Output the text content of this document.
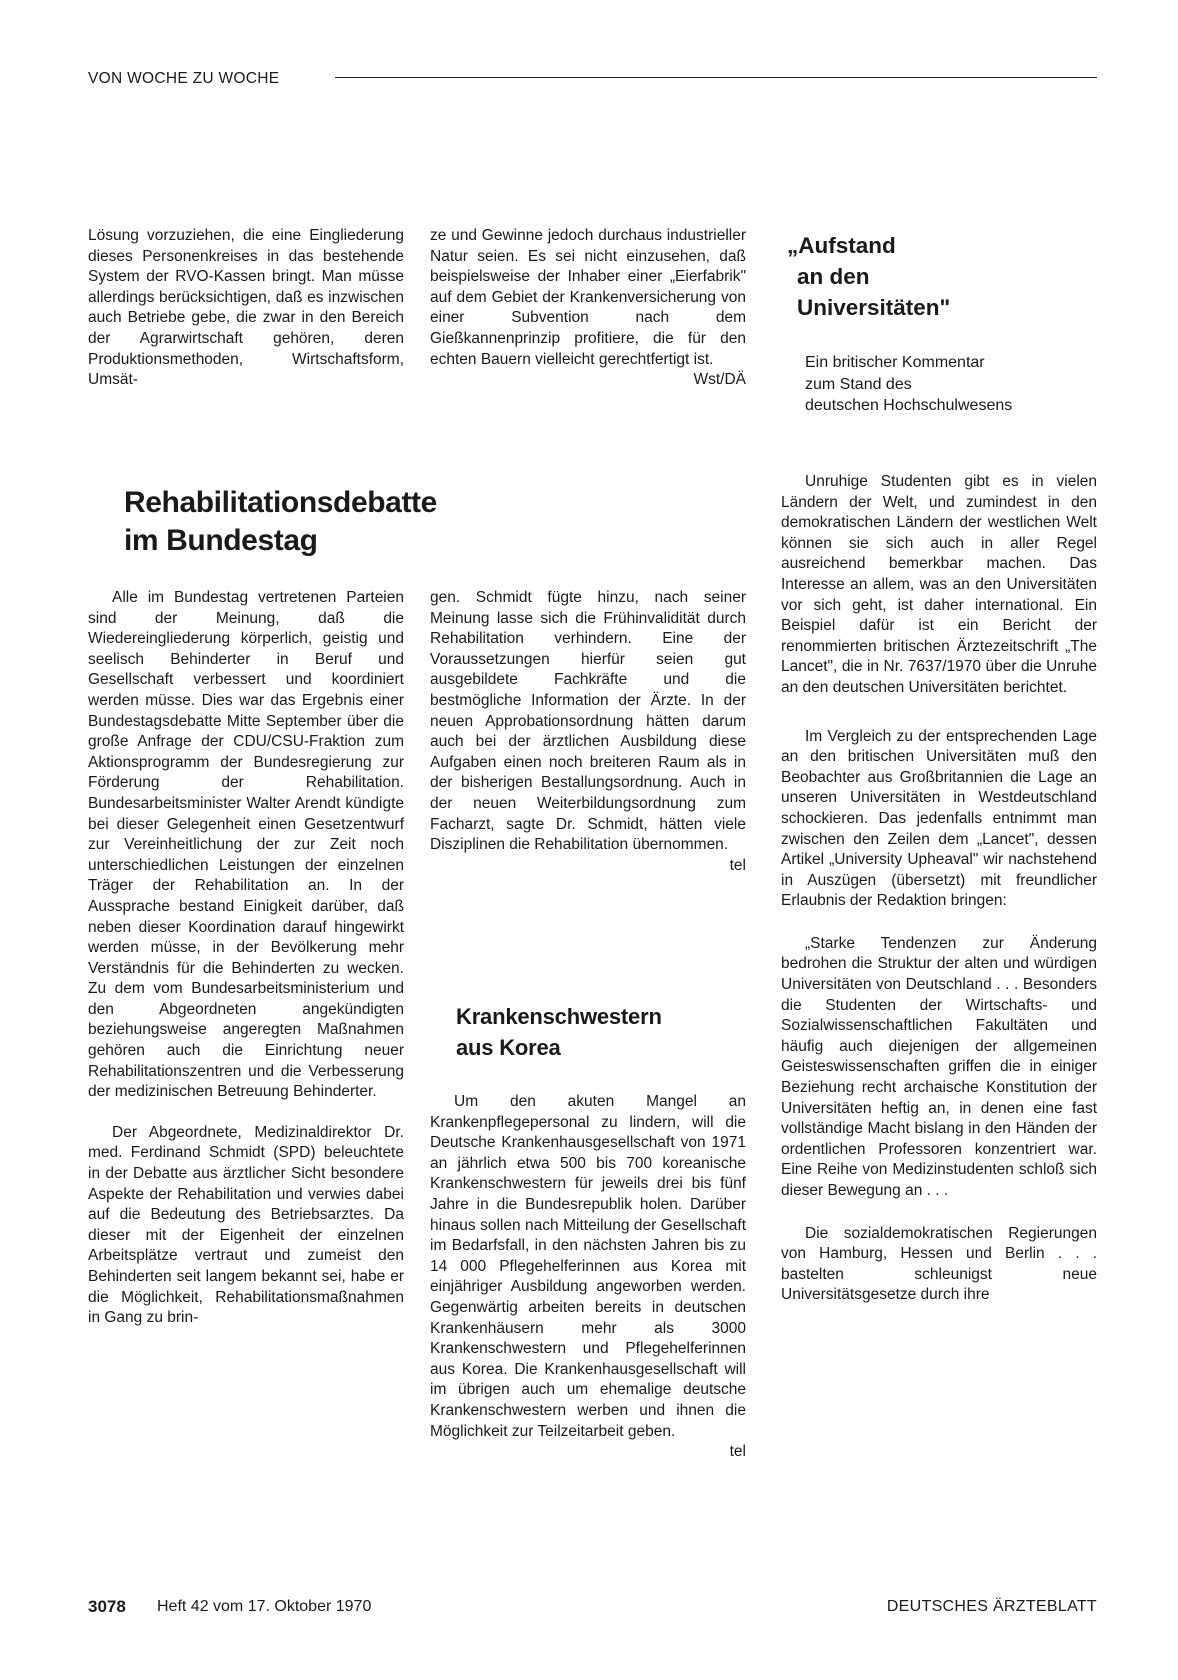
VON WOCHE ZU WOCHE

Lösung vorzuziehen, die eine Eingliederung dieses Personenkreises in das bestehende System der RVO-Kassen bringt. Man müsse allerdings berücksichtigen, daß es inzwischen auch Betriebe gebe, die zwar in den Bereich der Agrarwirtschaft gehören, deren Produktionsmethoden, Wirtschaftsform, Umsät-

ze und Gewinne jedoch durchaus industrieller Natur seien. Es sei nicht einzusehen, daß beispielsweise der Inhaber einer „Eierfabrik" auf dem Gebiet der Krankenversicherung von einer Subvention nach dem Gießkannenprinzip profitiere, die für den echten Bauern vielleicht gerechtfertigt ist.

Wst/DÄ
„Aufstand
an den
Universitäten"
Ein britischer Kommentar
zum Stand des
deutschen Hochschulwesens
Rehabilitationsdebatte
im Bundestag

Alle im Bundestag vertretenen Parteien sind der Meinung, daß die Wiedereingliederung körperlich, geistig und seelisch Behinderter in Beruf und Gesellschaft verbessert und koordiniert werden müsse. Dies war das Ergebnis einer Bundestagsdebatte Mitte September über die große Anfrage der CDU/CSU-Fraktion zum Aktionsprogramm der Bundesregierung zur Förderung der Rehabilitation. Bundesarbeitsminister Walter Arendt kündigte bei dieser Gelegenheit einen Gesetzentwurf zur Vereinheitlichung der zur Zeit noch unterschiedlichen Leistungen der einzelnen Träger der Rehabilitation an. In der Aussprache bestand Einigkeit darüber, daß neben dieser Koordination darauf hingewirkt werden müsse, in der Bevölkerung mehr Verständnis für die Behinderten zu wecken. Zu dem vom Bundesarbeitsministerium und den Abgeordneten angekündigten beziehungsweise angeregten Maßnahmen gehören auch die Einrichtung neuer Rehabilitationszentren und die Verbesserung der medizinischen Betreuung Behinderter.

Der Abgeordnete, Medizinaldirektor Dr. med. Ferdinand Schmidt (SPD) beleuchtete in der Debatte aus ärztlicher Sicht besondere Aspekte der Rehabilitation und verwies dabei auf die Bedeutung des Betriebsarztes. Da dieser mit der Eigenheit der einzelnen Arbeitsplätze vertraut und zumeist den Behinderten seit langem bekannt sei, habe er die Möglichkeit, Rehabilitationsmaßnahmen in Gang zu brin-

gen. Schmidt fügte hinzu, nach seiner Meinung lasse sich die Frühinvalidität durch Rehabilitation verhindern. Eine der Voraussetzungen hierfür seien gut ausgebildete Fachkräfte und die bestmögliche Information der Ärzte. In der neuen Approbationsordnung hätten darum auch bei der ärztlichen Ausbildung diese Aufgaben einen noch breiteren Raum als in der bisherigen Bestallungsordnung. Auch in der neuen Weiterbildungsordnung zum Facharzt, sagte Dr. Schmidt, hätten viele Disziplinen die Rehabilitation übernommen.

tel
Krankenschwestern
aus Korea

Um den akuten Mangel an Krankenpflegepersonal zu lindern, will die Deutsche Krankenhausgesellschaft von 1971 an jährlich etwa 500 bis 700 koreanische Krankenschwestern für jeweils drei bis fünf Jahre in die Bundesrepublik holen. Darüber hinaus sollen nach Mitteilung der Gesellschaft im Bedarfsfall, in den nächsten Jahren bis zu 14 000 Pflegehelferinnen aus Korea mit einjähriger Ausbildung angeworben werden. Gegenwärtig arbeiten bereits in deutschen Krankenhäusern mehr als 3000 Krankenschwestern und Pflegehelferinnen aus Korea. Die Krankenhausgesellschaft will im übrigen auch um ehemalige deutsche Krankenschwestern werben und ihnen die Möglichkeit zur Teilzeitarbeit geben.

tel

Unruhige Studenten gibt es in vielen Ländern der Welt, und zumindest in den demokratischen Ländern der westlichen Welt können sie sich auch in aller Regel ausreichend bemerkbar machen. Das Interesse an allem, was an den Universitäten vor sich geht, ist daher international. Ein Beispiel dafür ist ein Bericht der renommierten britischen Ärztezeitschrift „The Lancet", die in Nr. 7637/1970 über die Unruhe an den deutschen Universitäten berichtet.

Im Vergleich zu der entsprechenden Lage an den britischen Universitäten muß den Beobachter aus Großbritannien die Lage an unseren Universitäten in Westdeutschland schockieren. Das jedenfalls entnimmt man zwischen den Zeilen dem „Lancet", dessen Artikel „University Upheaval" wir nachstehend in Auszügen (übersetzt) mit freundlicher Erlaubnis der Redaktion bringen:

„Starke Tendenzen zur Änderung bedrohen die Struktur der alten und würdigen Universitäten von Deutschland . . . Besonders die Studenten der Wirtschafts- und Sozialwissenschaftlichen Fakultäten und häufig auch diejenigen der allgemeinen Geisteswissenschaften griffen die in einiger Beziehung recht archaische Konstitution der Universitäten heftig an, in denen eine fast vollständige Macht bislang in den Händen der ordentlichen Professoren konzentriert war. Eine Reihe von Medizinstudenten schloß sich dieser Bewegung an . . .

Die sozialdemokratischen Regierungen von Hamburg, Hessen und Berlin . . . bastelten schleunigst neue Universitätsgesetze durch ihre

3078 Heft 42 vom 17. Oktober 1970	DEUTSCHES ÄRZTEBLATT
